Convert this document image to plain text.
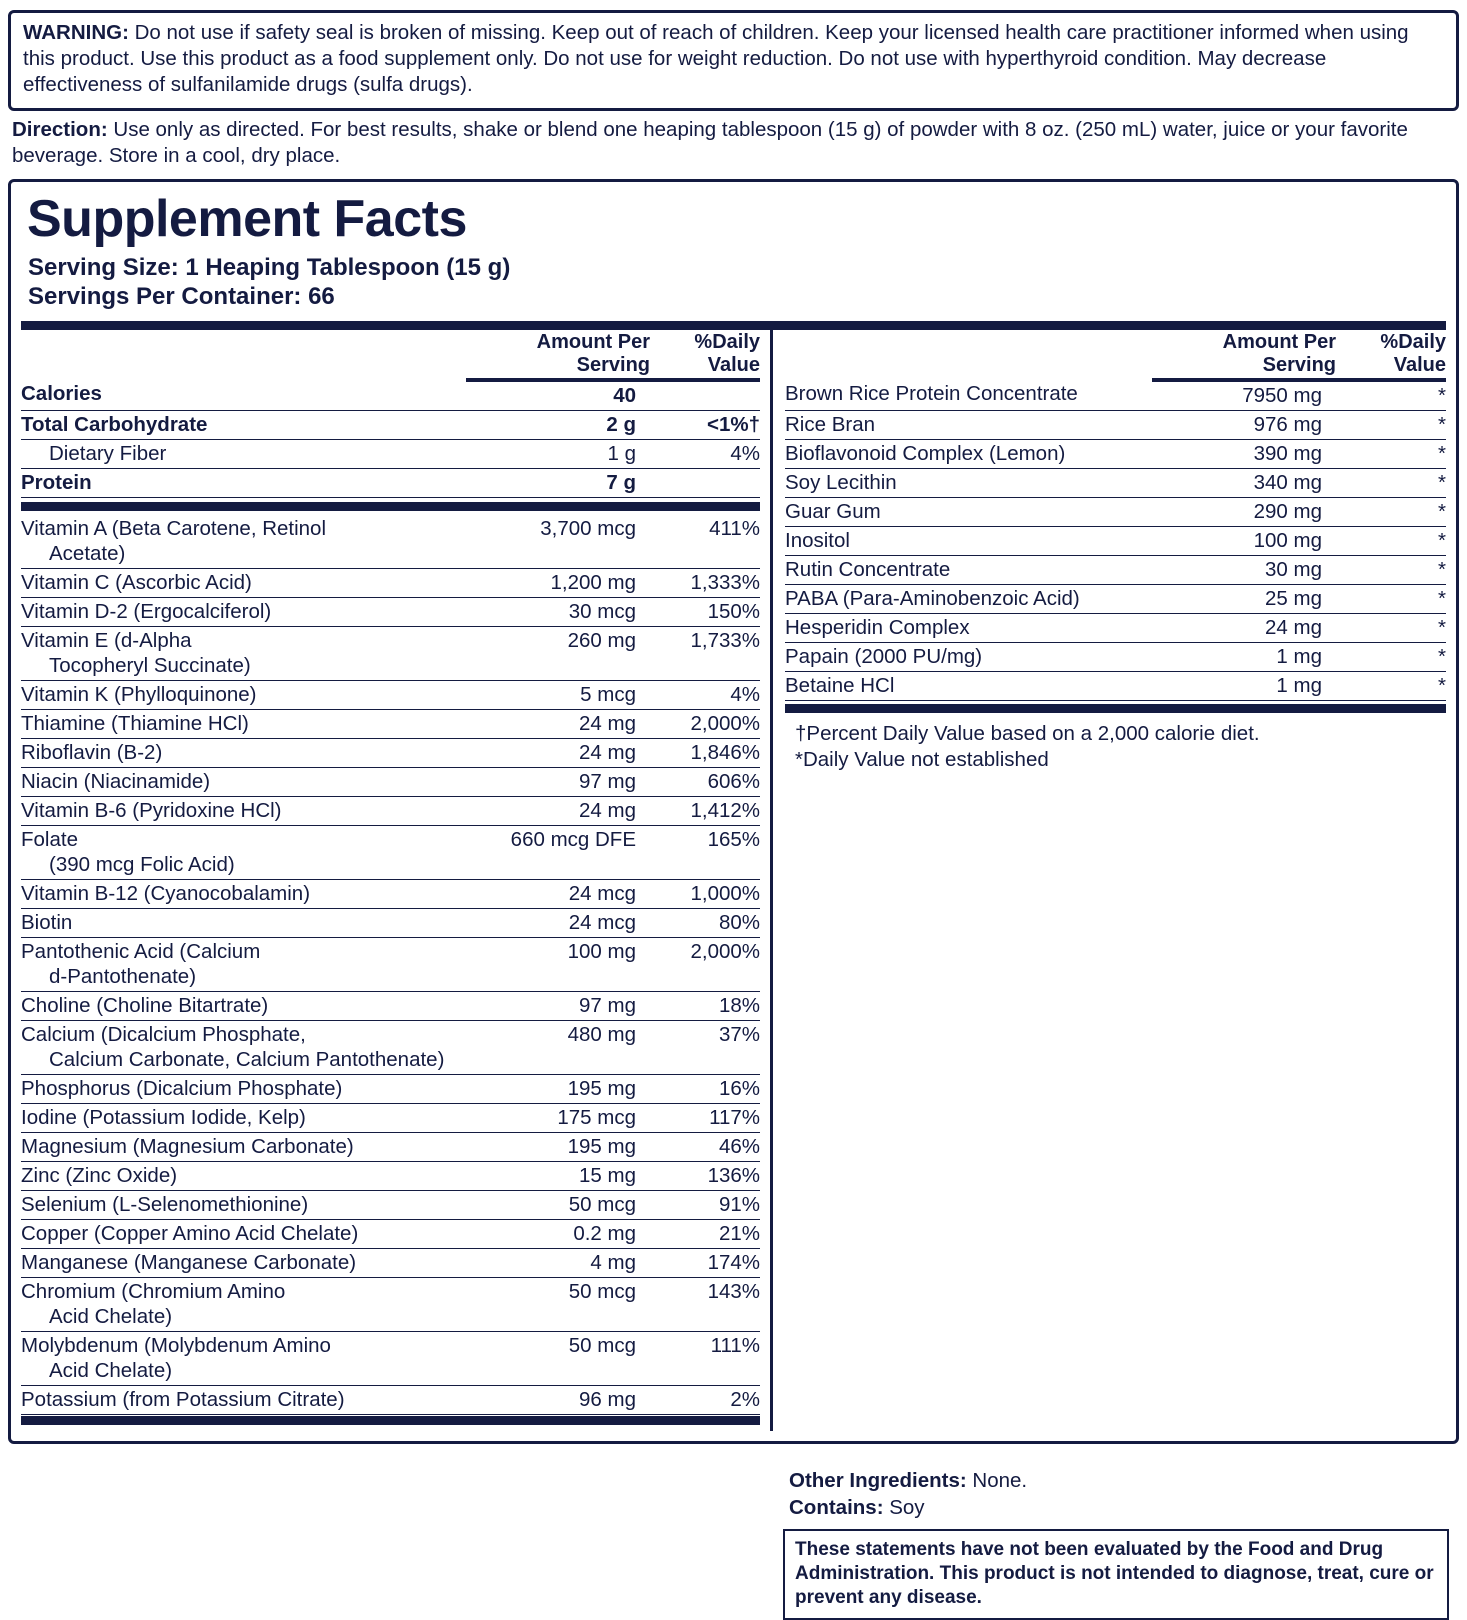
WARNING: Do not use if safety seal is broken of missing. Keep out of reach of children. Keep your licensed health care practitioner informed when using this product. Use this product as a food supplement only. Do not use for weight reduction. Do not use with hyperthyroid condition. May decrease effectiveness of sulfanilamide drugs (sulfa drugs).

Direction: Use only as directed. For best results, shake or blend one heaping tablespoon (15 g) of powder with 8 oz. (250 mL) water, juice or your favorite beverage. Store in a cool, dry place.
Supplement Facts
Serving Size: 1 Heaping Tablespoon (15 g)
Servings Per Container: 66
	Amount Per
Serving	%Daily
Value
Calories	40	
Total Carbohydrate	2 g	<1%†
Dietary Fiber	1 g	4%
Protein	7 g	

Vitamin A (Beta Carotene, Retinol
Acetate)	3,700 mcg	411%
Vitamin C (Ascorbic Acid)	1,200 mg	1,333%
Vitamin D-2 (Ergocalciferol)	30 mcg	150%
Vitamin E (d-Alpha
Tocopheryl Succinate)	260 mg	1,733%
Vitamin K (Phylloquinone)	5 mcg	4%
Thiamine (Thiamine HCl)	24 mg	2,000%
Riboflavin (B-2)	24 mg	1,846%
Niacin (Niacinamide)	97 mg	606%
Vitamin B-6 (Pyridoxine HCl)	24 mg	1,412%
Folate
(390 mcg Folic Acid)	660 mcg DFE	165%
Vitamin B-12 (Cyanocobalamin)	24 mcg	1,000%
Biotin	24 mcg	80%
Pantothenic Acid (Calcium
d-Pantothenate)	100 mg	2,000%
Choline (Choline Bitartrate)	97 mg	18%
Calcium (Dicalcium Phosphate,
Calcium Carbonate, Calcium Pantothenate)	480 mg	37%
Phosphorus (Dicalcium Phosphate)	195 mg	16%
Iodine (Potassium Iodide, Kelp)	175 mcg	117%
Magnesium (Magnesium Carbonate)	195 mg	46%
Zinc (Zinc Oxide)	15 mg	136%
Selenium (L-Selenomethionine)	50 mcg	91%
Copper (Copper Amino Acid Chelate)	0.2 mg	21%
Manganese (Manganese Carbonate)	4 mg	174%
Chromium (Chromium Amino
Acid Chelate)	50 mcg	143%
Molybdenum (Molybdenum Amino
Acid Chelate)	50 mcg	111%
Potassium (from Potassium Citrate)	96 mg	2%
	Amount Per
Serving	%Daily
Value
Brown Rice Protein Concentrate	7950 mg	*
Rice Bran	976 mg	*
Bioflavonoid Complex (Lemon)	390 mg	*
Soy Lecithin	340 mg	*
Guar Gum	290 mg	*
Inositol	100 mg	*
Rutin Concentrate	30 mg	*
PABA (Para-Aminobenzoic Acid)	25 mg	*
Hesperidin Complex	24 mg	*
Papain (2000 PU/mg)	1 mg	*
Betaine HCl	1 mg	*
†Percent Daily Value based on a 2,000 calorie diet.
*Daily Value not established
Other Ingredients: None.
Contains: Soy
These statements have not been evaluated by the Food and Drug Administration. This product is not intended to diagnose, treat, cure or prevent any disease.
